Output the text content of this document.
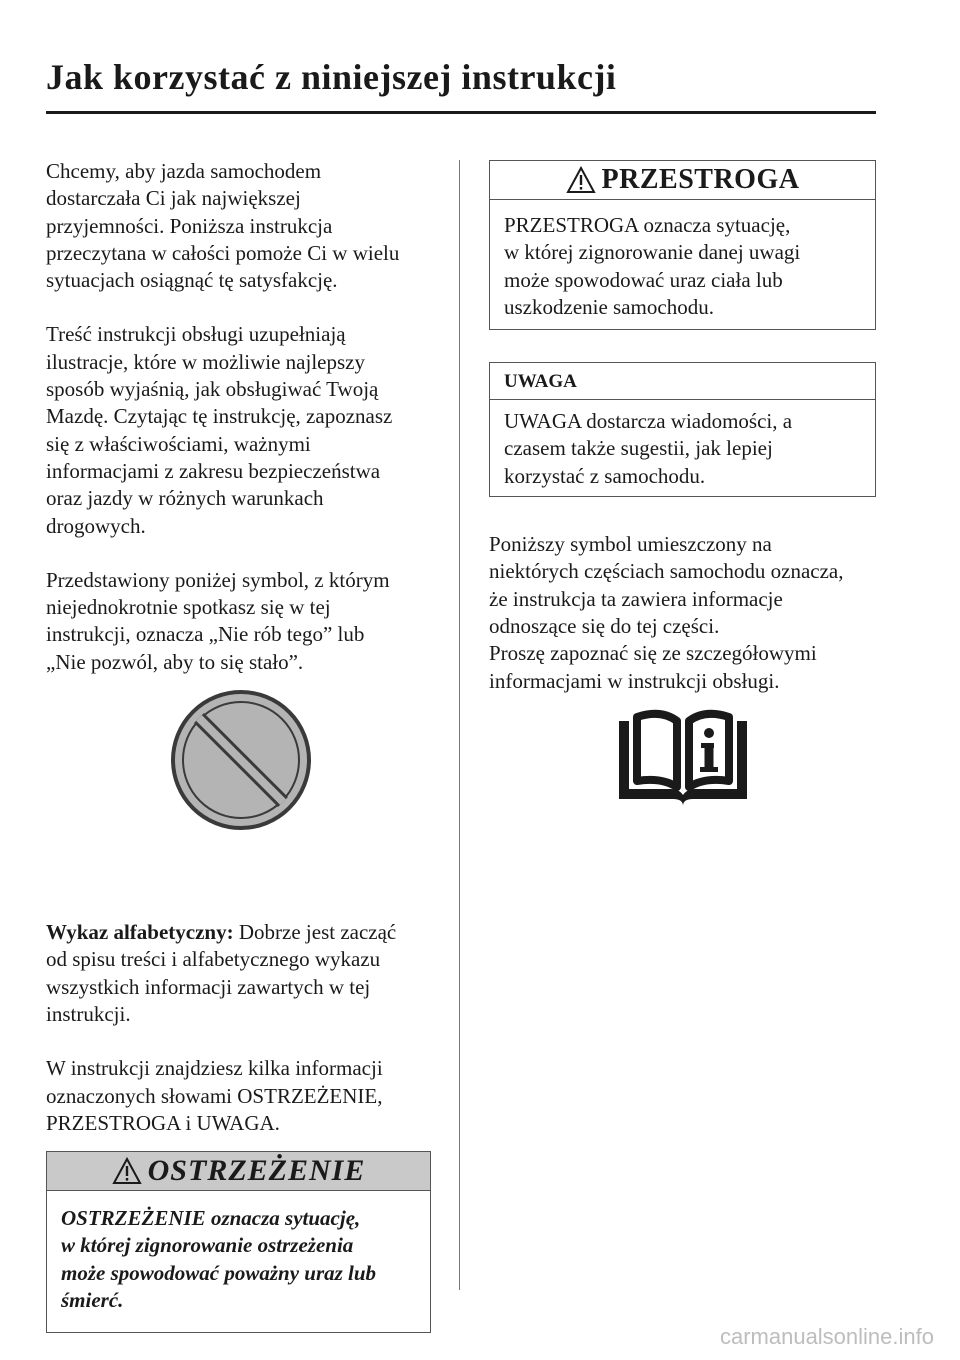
Jak korzystać z niniejszej instrukcji

Chcemy, aby jazda samochodem
dostarczała Ci jak największej
przyjemności. Poniższa instrukcja
przeczytana w całości pomoże Ci w wielu
sytuacjach osiągnąć tę satysfakcję.

Treść instrukcji obsługi uzupełniają
ilustracje, które w możliwie najlepszy
sposób wyjaśnią, jak obsługiwać Twoją
Mazdę. Czytając tę instrukcję, zapoznasz
się z właściwościami, ważnymi
informacjami z zakresu bezpieczeństwa
oraz jazdy w różnych warunkach
drogowych.

Przedstawiony poniżej symbol, z którym
niejednokrotnie spotkasz się w tej
instrukcji, oznacza „Nie rób tego” lub
„Nie pozwól, aby to się stało”.

Wykaz alfabetyczny: Dobrze jest zacząć
od spisu treści i alfabetycznego wykazu
wszystkich informacji zawartych w tej
instrukcji.

W instrukcji znajdziesz kilka informacji
oznaczonych słowami OSTRZEŻENIE,
PRZESTROGA i UWAGA.

OSTRZEŻENIE
OSTRZEŻENIE oznacza sytuację,
w której zignorowanie ostrzeżenia
może spowodować poważny uraz lub
śmierć.
PRZESTROGA
PRZESTROGA oznacza sytuację,
w której zignorowanie danej uwagi
może spowodować uraz ciała lub
uszkodzenie samochodu.
UWAGA
UWAGA dostarcza wiadomości, a
czasem także sugestii, jak lepiej
korzystać z samochodu.

Poniższy symbol umieszczony na
niektórych częściach samochodu oznacza,
że instrukcja ta zawiera informacje
odnoszące się do tej części.
Proszę zapoznać się ze szczegółowymi
informacjami w instrukcji obsługi.

carmanualsonline.info
